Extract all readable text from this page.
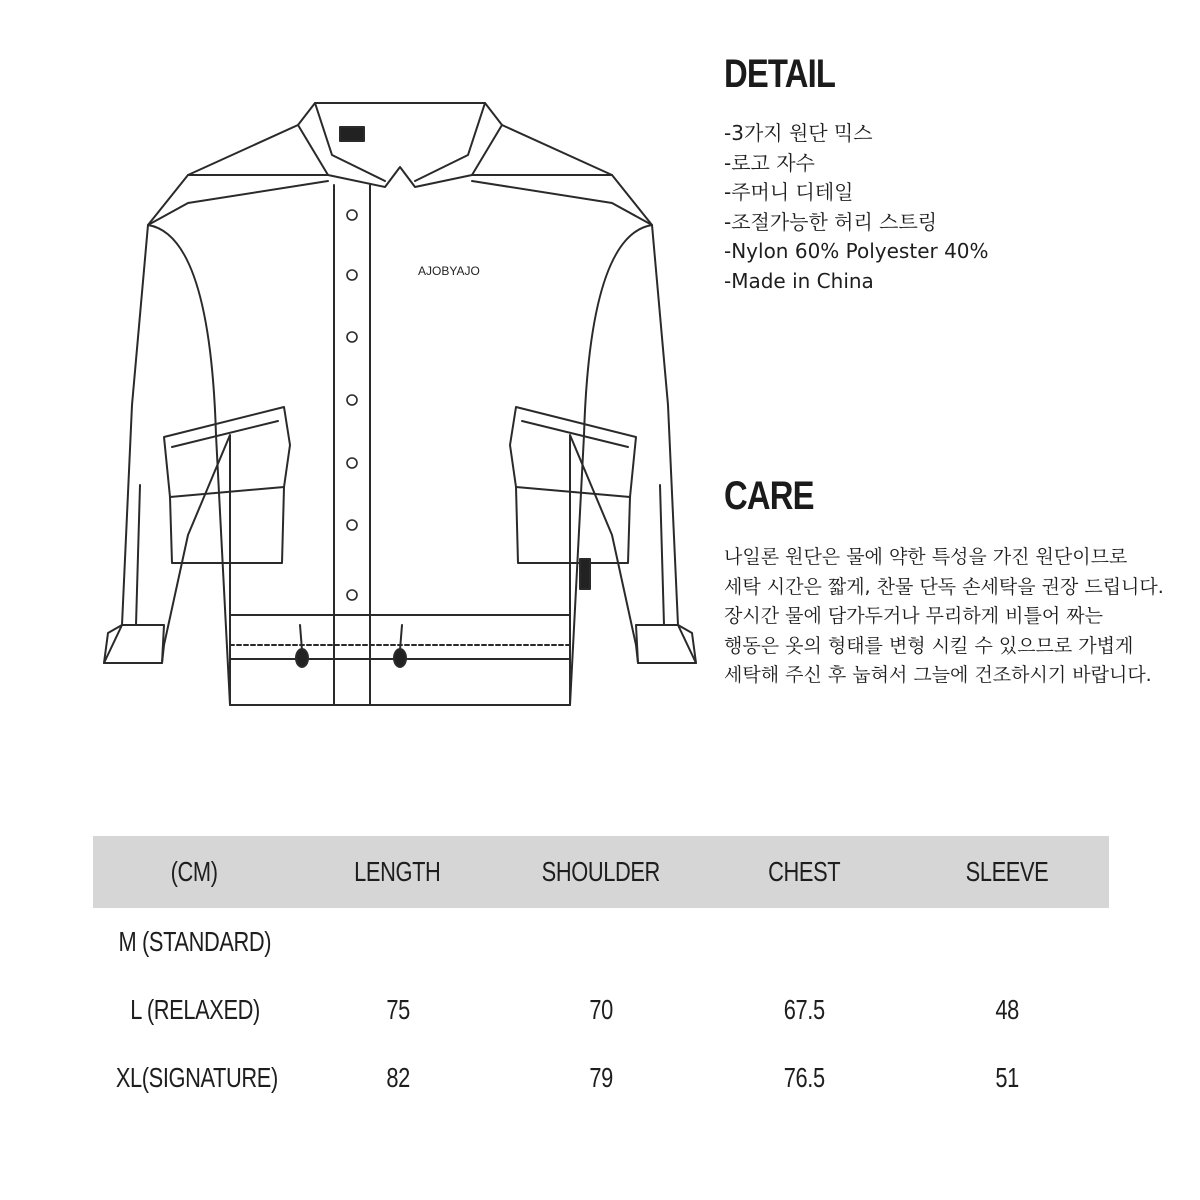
AJOBYAJO
DETAIL
-3가지 원단 믹스
-로고 자수
-주머니 디테일
-조절가능한 허리 스트링
-Nylon 60% Polyester 40%
-Made in China
CARE
나일론 원단은 물에 약한 특성을 가진 원단이므로
세탁 시간은 짧게, 찬물 단독 손세탁을 권장 드립니다.
장시간 물에 담가두거나 무리하게 비틀어 짜는
행동은 옷의 형태를 변형 시킬 수 있으므로 가볍게
세탁해 주신 후 눕혀서 그늘에 건조하시기 바랍니다.
(CM)	LENGTH	SHOULDER	CHEST	SLEEVE
M (STANDARD)
L (RELAXED)	75	70	67.5	48
XL(SIGNATURE)	82	79	76.5	51
